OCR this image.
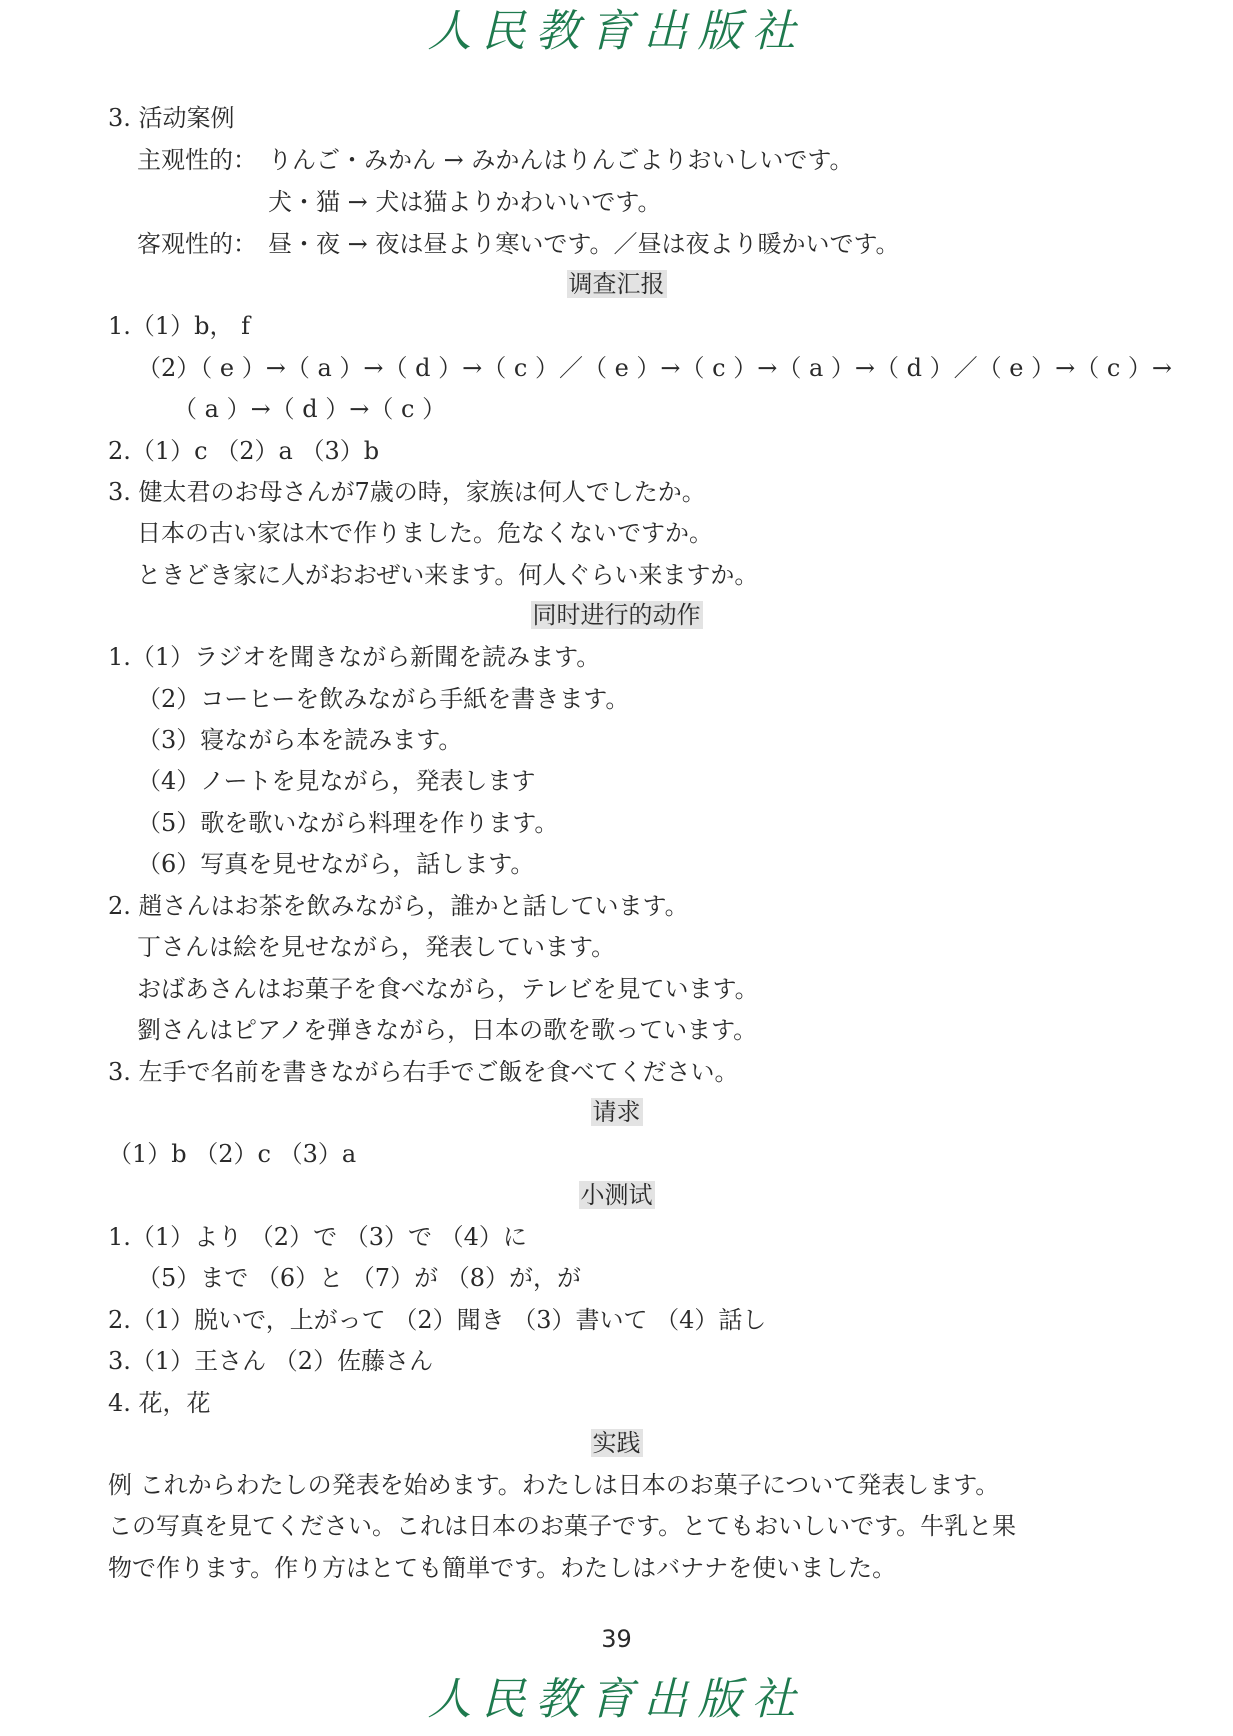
人民教育出版社
3. 活动案例
主观性的： りんご・みかん → みかんはりんごよりおいしいです。
犬・猫 → 犬は猫よりかわいいです。
客观性的： 昼・夜 → 夜は昼より寒いです。／昼は夜より暖かいです。
调查汇报
1.（1）b， f
（2）（ e ）→（ a ）→（ d ）→（ c ）／（ e ）→（ c ）→（ a ）→（ d ）／（ e ）→（ c ）→
（ a ）→（ d ）→（ c ）
2.（1）c （2）a （3）b
3. 健太君のお母さんが7歳の時，家族は何人でしたか。
日本の古い家は木で作りました。危なくないですか。
ときどき家に人がおおぜい来ます。何人ぐらい来ますか。
同时进行的动作
1.（1）ラジオを聞きながら新聞を読みます。
（2）コーヒーを飲みながら手紙を書きます。
（3）寝ながら本を読みます。
（4）ノートを見ながら，発表します
（5）歌を歌いながら料理を作ります。
（6）写真を見せながら，話します。
2. 趙さんはお茶を飲みながら，誰かと話しています。
丁さんは絵を見せながら，発表しています。
おばあさんはお菓子を食べながら，テレビを見ています。
劉さんはピアノを弾きながら，日本の歌を歌っています。
3. 左手で名前を書きながら右手でご飯を食べてください。
请求
（1）b （2）c （3）a
小测试
1.（1）より （2）で （3）で （4）に
（5）まで （6）と （7）が （8）が，が
2.（1）脱いで，上がって （2）聞き （3）書いて （4）話し
3.（1）王さん （2）佐藤さん
4. 花，花
实践
例 これからわたしの発表を始めます。わたしは日本のお菓子について発表します。
この写真を見てください。これは日本のお菓子です。とてもおいしいです。牛乳と果
物で作ります。作り方はとても簡単です。わたしはバナナを使いました。
39
人民教育出版社
